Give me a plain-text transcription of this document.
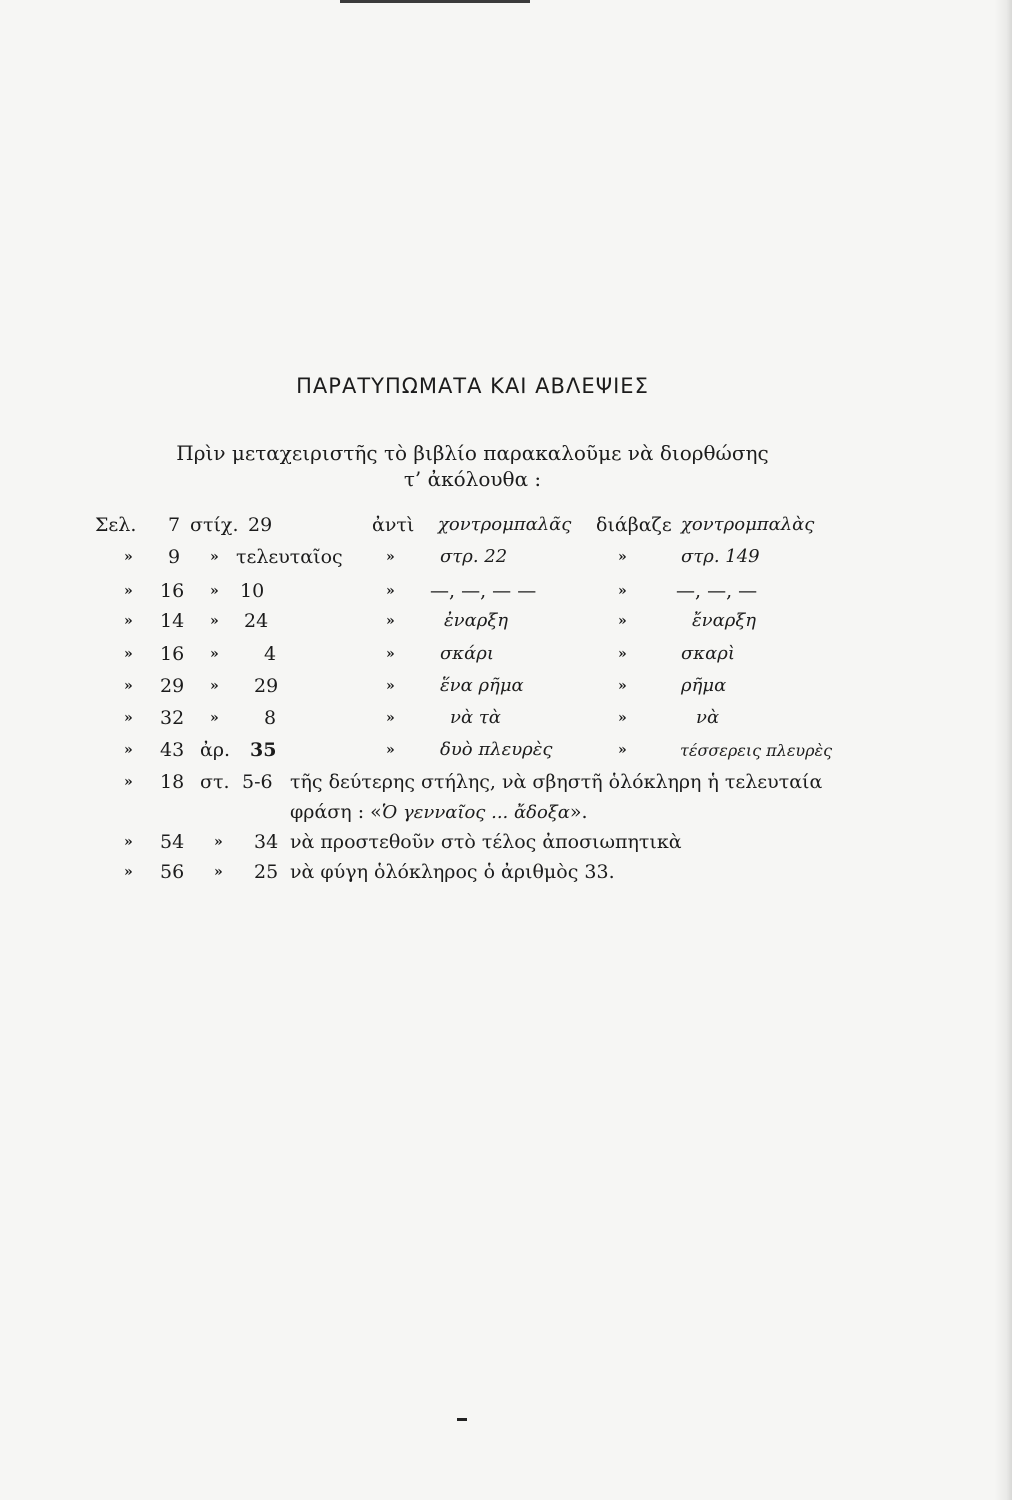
ΠΑΡΑΤΥΠΩΜΑΤΑ ΚΑΙ ΑΒΛΕΨΙΕΣ
Πρὶν μεταχειριστῆς τὸ βιβλίο παρακαλοῦμε νὰ διορθώσης
τ’ ἀκόλουθα :
Σελ. 7 στίχ. 29	ἀντὶ χοντρομπαλᾶς διάβαζε χοντρομπαλὰς
» 9 » τελευταῖος	»	στρ. 22	»	στρ. 149
» 16 » 10	» —, —, — —	»	—, —, —
» 14 » 24	»	ἐναρξη	»	ἔναρξη
» 16 » 4	»	σκάρι	»	σκαρὶ
» 29 » 29	»	ἕνα ρῆμα	»	ρῆμα
» 32 » 8	»	νὰ τὰ	»	νὰ
» 43 ἀρ. 35	»	δυὸ πλευρὲς	»	τέσσερεις πλευρὲς
» 18 στ. 5-6 τῆς δεύτερης στήλης, νὰ σβηστῆ ὁλόκληρη ἡ τελευταία
φράση : «Ὁ γενναῖος ... ἄδοξα».
» 54 » 34 νὰ προστεθοῦν στὸ τέλος ἀποσιωπητικὰ
» 56 » 25 νὰ φύγη ὁλόκληρος ὁ ἀριθμὸς 33.
